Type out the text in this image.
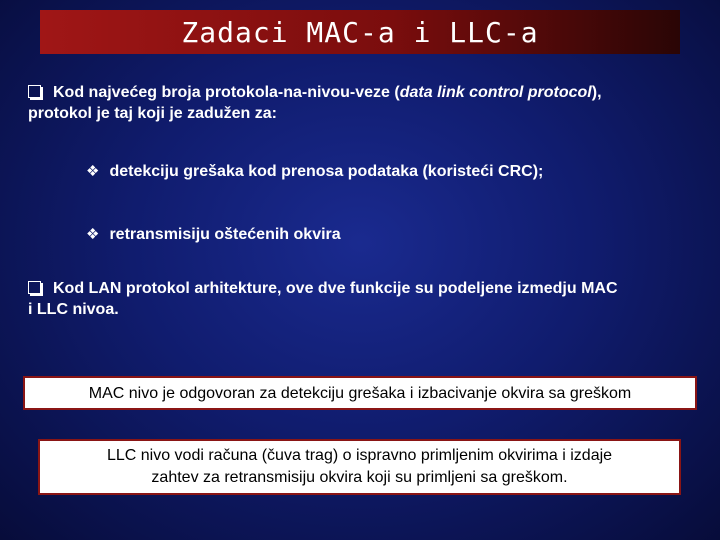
Zadaci MAC-a i LLC-a
Kod najvećeg broja protokola-na-nivou-veze (data link control protocol),
protokol je taj koji je zadužen za:
❖ detekciju grešaka kod prenosa podataka (koristeći CRC);
❖ retransmisiju oštećenih okvira
Kod LAN protokol arhitekture, ove dve funkcije su podeljene izmedju MAC
i LLC nivoa.
MAC nivo je odgovoran za detekciju grešaka i izbacivanje okvira sa greškom
LLC nivo vodi računa (čuva trag) o ispravno primljenim okvirima i izdaje
zahtev za retransmisiju okvira koji su primljeni sa greškom.
